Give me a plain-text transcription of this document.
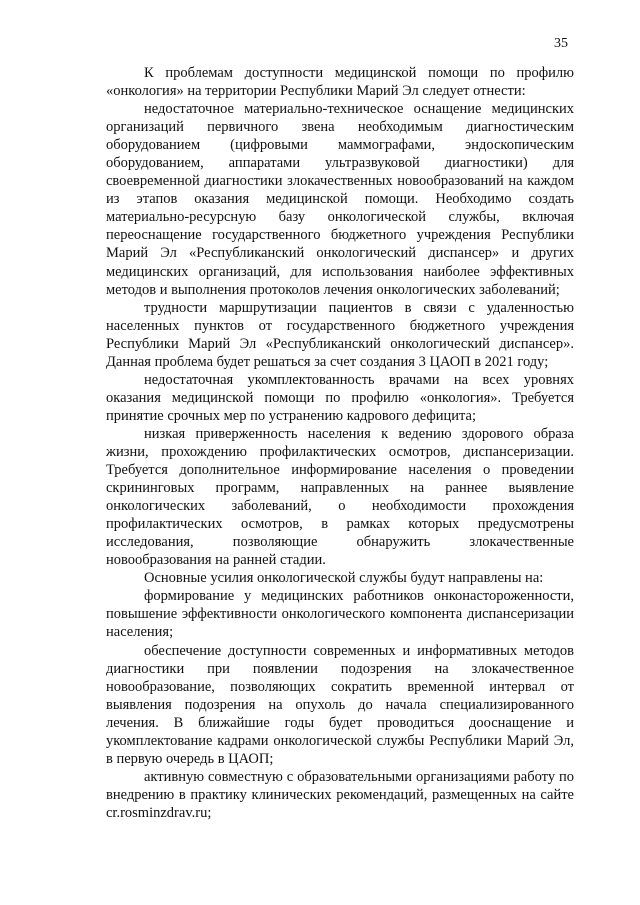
35

К проблемам доступности медицинской помощи по профилю «онкология» на территории Республики Марий Эл следует отнести:

недостаточное материально-техническое оснащение медицинских организаций первичного звена необходимым диагностическим оборудованием (цифровыми маммографами, эндоскопическим оборудованием, аппаратами ультразвуковой диагностики) для своевременной диагностики злокачественных новообразований на каждом из этапов оказания медицинской помощи. Необходимо создать материально-ресурсную базу онкологической службы, включая переоснащение государственного бюджетного учреждения Республики Марий Эл «Республиканский онкологический диспансер» и других медицинских организаций, для использования наиболее эффективных методов и выполнения протоколов лечения онкологических заболеваний;

трудности маршрутизации пациентов в связи с удаленностью населенных пунктов от государственного бюджетного учреждения Республики Марий Эл «Республиканский онкологический диспансер». Данная проблема будет решаться за счет создания 3 ЦАОП в 2021 году;

недостаточная укомплектованность врачами на всех уровнях оказания медицинской помощи по профилю «онкология». Требуется принятие срочных мер по устранению кадрового дефицита;

низкая приверженность населения к ведению здорового образа жизни, прохождению профилактических осмотров, диспансеризации. Требуется дополнительное информирование населения о проведении скрининговых программ, направленных на раннее выявление онкологических заболеваний, о необходимости прохождения профилактических осмотров, в рамках которых предусмотрены исследования, позволяющие обнаружить злокачественные новообразования на ранней стадии.

Основные усилия онкологической службы будут направлены на:

формирование у медицинских работников онконастороженности, повышение эффективности онкологического компонента диспансеризации населения;

обеспечение доступности современных и информативных методов диагностики при появлении подозрения на злокачественное новообразование, позволяющих сократить временной интервал от выявления подозрения на опухоль до начала специализированного лечения. В ближайшие годы будет проводиться дооснащение и укомплектование кадрами онкологической службы Республики Марий Эл, в первую очередь в ЦАОП;

активную совместную с образовательными организациями работу по внедрению в практику клинических рекомендаций, размещенных на сайте cr.rosminzdrav.ru;
